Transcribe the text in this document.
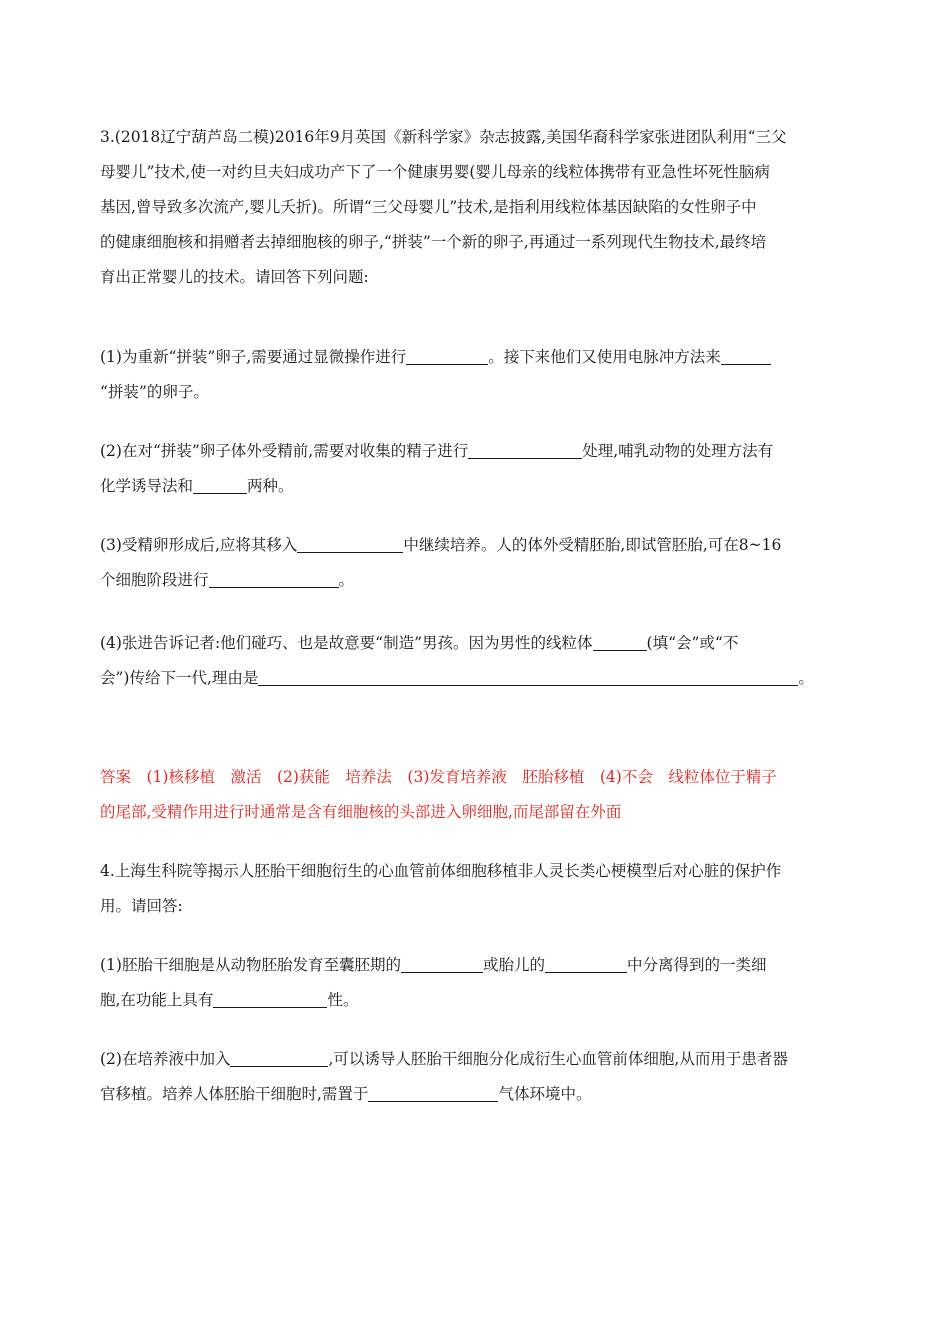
3.(2018辽宁葫芦岛二模)2016年9月英国《新科学家》杂志披露,美国华裔科学家张进团队利用“三父
母婴儿”技术,使一对约旦夫妇成功产下了一个健康男婴(婴儿母亲的线粒体携带有亚急性坏死性脑病
基因,曾导致多次流产,婴儿夭折)。所谓“三父母婴儿”技术,是指利用线粒体基因缺陷的女性卵子中
的健康细胞核和捐赠者去掉细胞核的卵子,“拼装”一个新的卵子,再通过一系列现代生物技术,最终培
育出正常婴儿的技术。请回答下列问题:

(1)为重新“拼装”卵子,需要通过显微操作进行	。接下来他们又使用电脉冲方法来
“拼装”的卵子。

(2)在对“拼装”卵子体外受精前,需要对收集的精子进行	处理,哺乳动物的处理方法有
化学诱导法和	两种。

(3)受精卵形成后,应将其移入	中继续培养。人的体外受精胚胎,即试管胚胎,可在8~16
个细胞阶段进行	。

(4)张进告诉记者:他们碰巧、也是故意要“制造”男孩。因为男性的线粒体	(填“会”或“不
会”)传给下一代,理由是	。

答案　(1)核移植　激活　(2)获能　培养法　(3)发育培养液　胚胎移植　(4)不会　线粒体位于精子
的尾部,受精作用进行时通常是含有细胞核的头部进入卵细胞,而尾部留在外面

4.上海生科院等揭示人胚胎干细胞衍生的心血管前体细胞移植非人灵长类心梗模型后对心脏的保护作
用。请回答:

(1)胚胎干细胞是从动物胚胎发育至囊胚期的	或胎儿的	中分离得到的一类细
胞,在功能上具有	性。

(2)在培养液中加入	,可以诱导人胚胎干细胞分化成衍生心血管前体细胞,从而用于患者器
官移植。培养人体胚胎干细胞时,需置于	气体环境中。
